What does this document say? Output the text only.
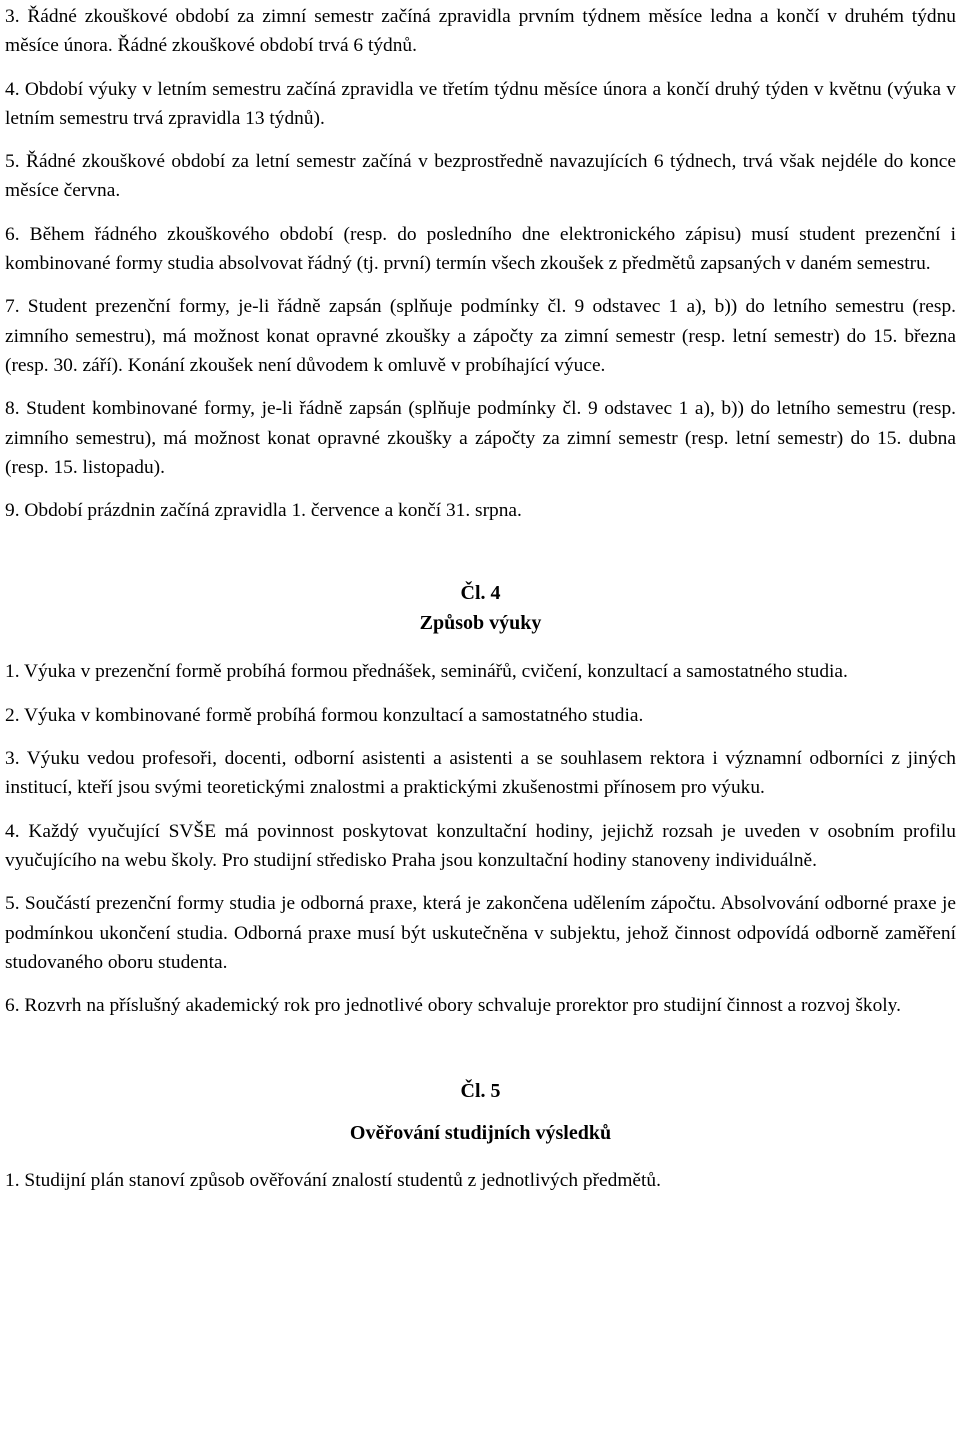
3. Řádné zkouškové období za zimní semestr začíná zpravidla prvním týdnem měsíce ledna a končí v druhém týdnu měsíce února. Řádné zkouškové období trvá 6 týdnů.

4. Období výuky v letním semestru začíná zpravidla ve třetím týdnu měsíce února a končí druhý týden v květnu (výuka v letním semestru trvá zpravidla 13 týdnů).

5. Řádné zkouškové období za letní semestr začíná v bezprostředně navazujících 6 týdnech, trvá však nejdéle do konce měsíce června.

6. Během řádného zkouškového období (resp. do posledního dne elektronického zápisu) musí student prezenční i kombinované formy studia absolvovat řádný (tj. první) termín všech zkoušek z předmětů zapsaných v daném semestru.

7. Student prezenční formy, je-li řádně zapsán (splňuje podmínky čl. 9 odstavec 1 a), b)) do letního semestru (resp. zimního semestru), má možnost konat opravné zkoušky a zápočty za zimní semestr (resp. letní semestr) do 15. března (resp. 30. září). Konání zkoušek není důvodem k omluvě v probíhající výuce.

8. Student kombinované formy, je-li řádně zapsán (splňuje podmínky čl. 9 odstavec 1 a), b)) do letního semestru (resp. zimního semestru), má možnost konat opravné zkoušky a zápočty za zimní semestr (resp. letní semestr) do 15. dubna (resp. 15. listopadu).

9. Období prázdnin začíná zpravidla 1. července a končí 31. srpna.

Čl. 4
Způsob výuky

1. Výuka v prezenční formě probíhá formou přednášek, seminářů, cvičení, konzultací a samostatného studia.

2. Výuka v kombinované formě probíhá formou konzultací a samostatného studia.

3. Výuku vedou profesoři, docenti, odborní asistenti a asistenti a se souhlasem rektora i významní odborníci z jiných institucí, kteří jsou svými teoretickými znalostmi a praktickými zkušenostmi přínosem pro výuku.

4. Každý vyučující SVŠE má povinnost poskytovat konzultační hodiny, jejichž rozsah je uveden v osobním profilu vyučujícího na webu školy. Pro studijní středisko Praha jsou konzultační hodiny stanoveny individuálně.

5. Součástí prezenční formy studia je odborná praxe, která je zakončena udělením zápočtu. Absolvování odborné praxe je podmínkou ukončení studia. Odborná praxe musí být uskutečněna v subjektu, jehož činnost odpovídá odborně zaměření studovaného oboru studenta.

6. Rozvrh na příslušný akademický rok pro jednotlivé obory schvaluje prorektor pro studijní činnost a rozvoj školy.

Čl. 5
Ověřování studijních výsledků

1. Studijní plán stanoví způsob ověřování znalostí studentů z jednotlivých předmětů.
